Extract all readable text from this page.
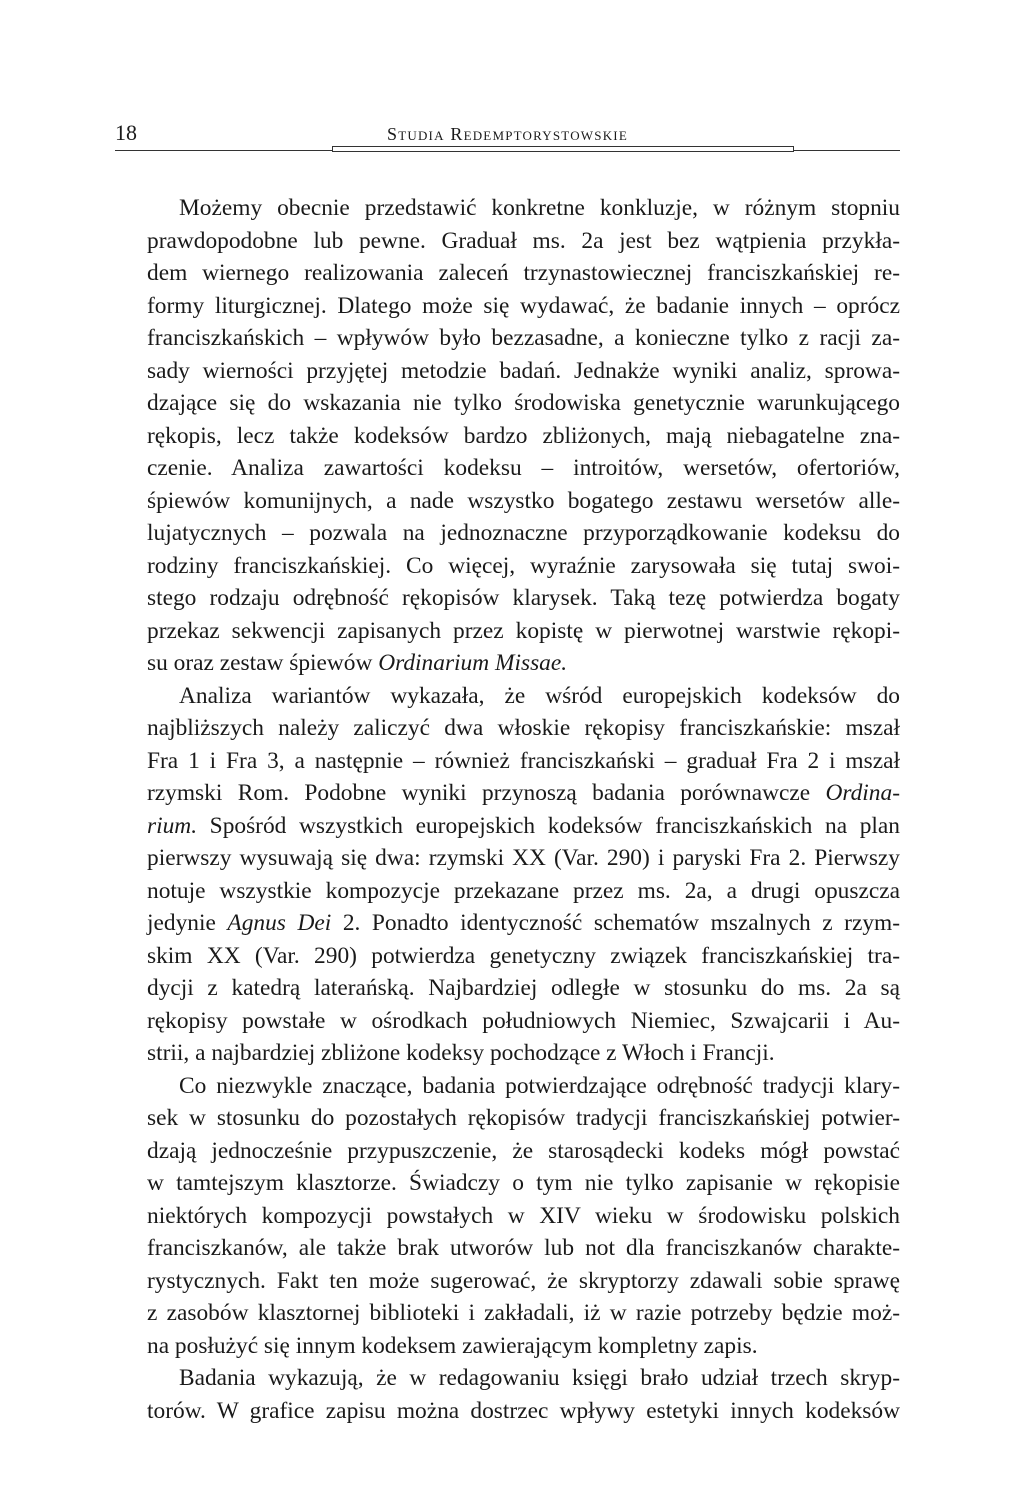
18	Studia Redemptorystowskie
Możemy obecnie przedstawić konkretne konkluzje, w różnym stopniu
prawdopodobne lub pewne. Graduał ms. 2a jest bez wątpienia przykła-
dem wiernego realizowania zaleceń trzynastowiecznej franciszkańskiej re-
formy liturgicznej. Dlatego może się wydawać, że badanie innych – oprócz
franciszkańskich – wpływów było bezzasadne, a konieczne tylko z racji za-
sady wierności przyjętej metodzie badań. Jednakże wyniki analiz, sprowa-
dzające się do wskazania nie tylko środowiska genetycznie warunkującego
rękopis, lecz także kodeksów bardzo zbliżonych, mają niebagatelne zna-
czenie. Analiza zawartości kodeksu – introitów, wersetów, ofertoriów,
śpiewów komunijnych, a nade wszystko bogatego zestawu wersetów alle-
lujatycznych – pozwala na jednoznaczne przyporządkowanie kodeksu do
rodziny franciszkańskiej. Co więcej, wyraźnie zarysowała się tutaj swoi-
stego rodzaju odrębność rękopisów klarysek. Taką tezę potwierdza bogaty
przekaz sekwencji zapisanych przez kopistę w pierwotnej warstwie rękopi-
su oraz zestaw śpiewów Ordinarium Missae.
Analiza wariantów wykazała, że wśród europejskich kodeksów do
najbliższych należy zaliczyć dwa włoskie rękopisy franciszkańskie: mszał
Fra 1 i Fra 3, a następnie – również franciszkański – graduał Fra 2 i mszał
rzymski Rom. Podobne wyniki przynoszą badania porównawcze Ordina-
rium. Spośród wszystkich europejskich kodeksów franciszkańskich na plan
pierwszy wysuwają się dwa: rzymski XX (Var. 290) i paryski Fra 2. Pierwszy
notuje wszystkie kompozycje przekazane przez ms. 2a, a drugi opuszcza
jedynie Agnus Dei 2. Ponadto identyczność schematów mszalnych z rzym-
skim XX (Var. 290) potwierdza genetyczny związek franciszkańskiej tra-
dycji z katedrą laterańską. Najbardziej odległe w stosunku do ms. 2a są
rękopisy powstałe w ośrodkach południowych Niemiec, Szwajcarii i Au-
strii, a najbardziej zbliżone kodeksy pochodzące z Włoch i Francji.
Co niezwykle znaczące, badania potwierdzające odrębność tradycji klary-
sek w stosunku do pozostałych rękopisów tradycji franciszkańskiej potwier-
dzają jednocześnie przypuszczenie, że starosądecki kodeks mógł powstać
w tamtejszym klasztorze. Świadczy o tym nie tylko zapisanie w rękopisie
niektórych kompozycji powstałych w XIV wieku w środowisku polskich
franciszkanów, ale także brak utworów lub not dla franciszkanów charakte-
rystycznych. Fakt ten może sugerować, że skryptorzy zdawali sobie sprawę
z zasobów klasztornej biblioteki i zakładali, iż w razie potrzeby będzie moż-
na posłużyć się innym kodeksem zawierającym kompletny zapis.
Badania wykazują, że w redagowaniu księgi brało udział trzech skryp-
torów. W grafice zapisu można dostrzec wpływy estetyki innych kodeksów
